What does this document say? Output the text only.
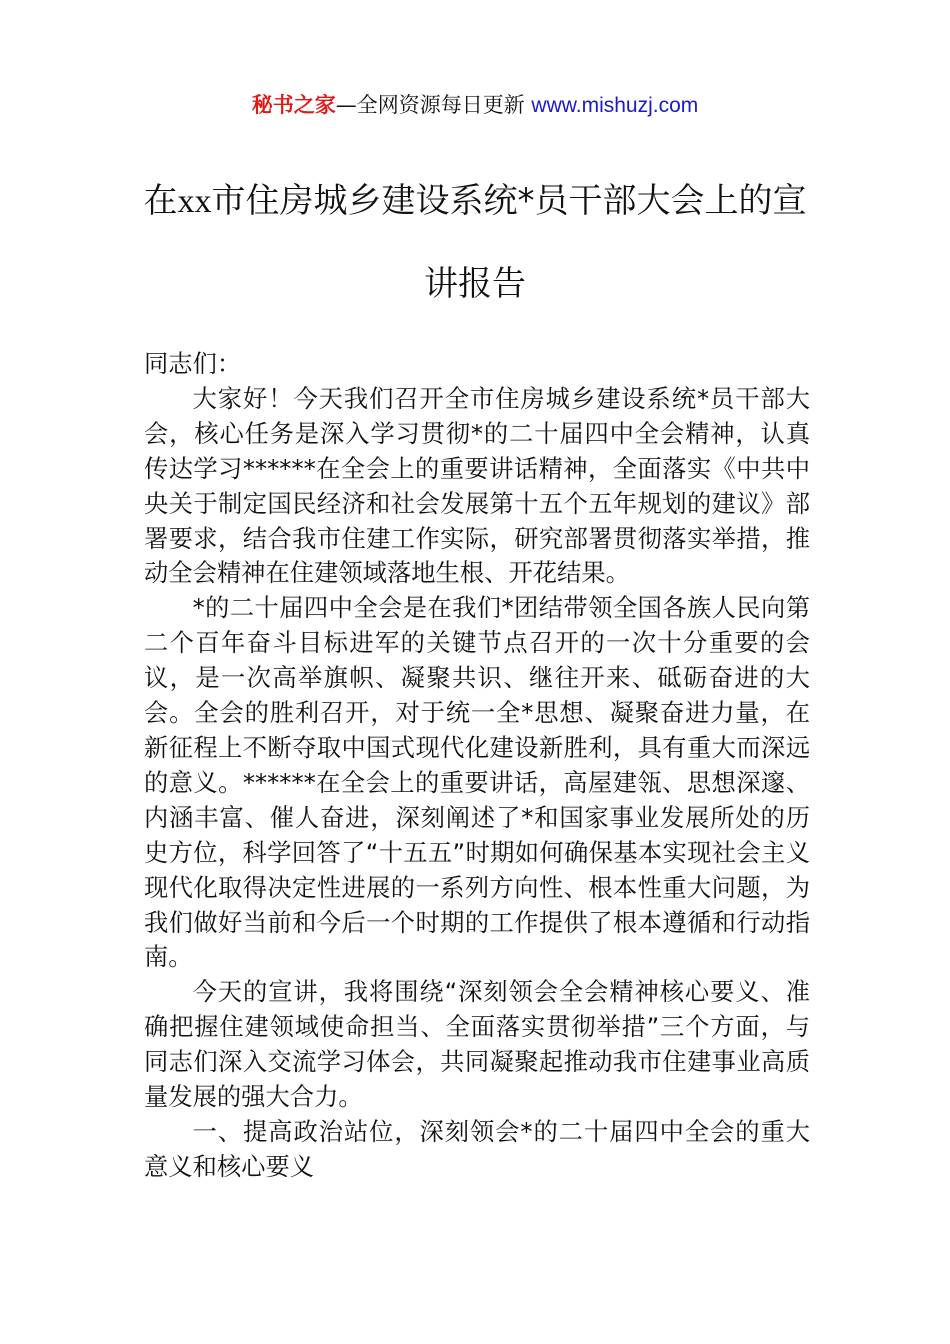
秘书之家—全网资源每日更新 www.mishuzj.com
在xx市住房城乡建设系统*员干部大会上的宣讲报告

同志们：

大家好！今天我们召开全市住房城乡建设系统*员干部大会，核心任务是深入学习贯彻*的二十届四中全会精神，认真传达学习******在全会上的重要讲话精神，全面落实《中共中央关于制定国民经济和社会发展第十五个五年规划的建议》部署要求，结合我市住建工作实际，研究部署贯彻落实举措，推动全会精神在住建领域落地生根、开花结果。

*的二十届四中全会是在我们*团结带领全国各族人民向第二个百年奋斗目标进军的关键节点召开的一次十分重要的会议，是一次高举旗帜、凝聚共识、继往开来、砥砺奋进的大会。全会的胜利召开，对于统一全*思想、凝聚奋进力量，在新征程上不断夺取中国式现代化建设新胜利，具有重大而深远的意义。******在全会上的重要讲话，高屋建瓴、思想深邃、内涵丰富、催人奋进，深刻阐述了*和国家事业发展所处的历史方位，科学回答了“十五五”时期如何确保基本实现社会主义现代化取得决定性进展的一系列方向性、根本性重大问题，为我们做好当前和今后一个时期的工作提供了根本遵循和行动指南。

今天的宣讲，我将围绕“深刻领会全会精神核心要义、准确把握住建领域使命担当、全面落实贯彻举措”三个方面，与同志们深入交流学习体会，共同凝聚起推动我市住建事业高质量发展的强大合力。

一、提高政治站位，深刻领会*的二十届四中全会的重大意义和核心要义
